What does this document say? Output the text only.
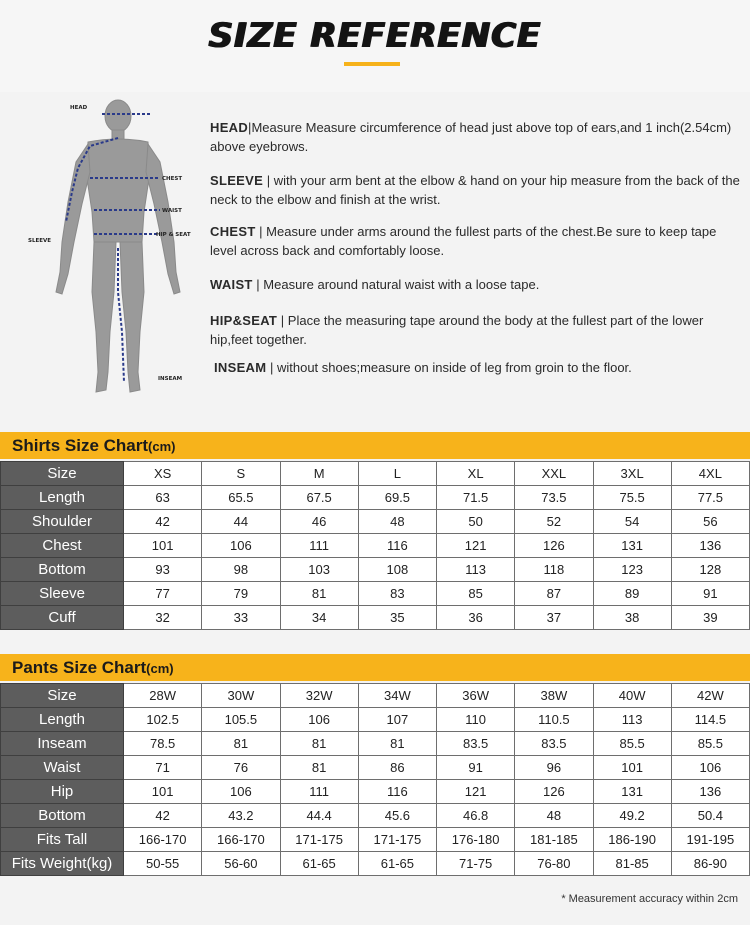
SIZE REFERENCE
HEAD
CHEST
WAIST
HIP & SEAT
SLEEVE
INSEAM
HEAD|Measure Measure circumference of head just above top of ears,and 1 inch(2.54cm) above eyebrows.
SLEEVE | with your arm bent at the elbow & hand on your hip measure from the back of the neck to the elbow and finish at the wrist.
CHEST | Measure under arms around the fullest parts of the chest.Be sure to keep tape level across back and comfortably loose.
WAIST | Measure around natural waist with a loose tape.
HIP&SEAT | Place the measuring tape around the body at the fullest part of the lower hip,feet together.
INSEAM | without shoes;measure on inside of leg from groin to the floor.
Shirts Size Chart(cm)
Size	XS	S	M	L	XL	XXL	3XL	4XL
Length	63	65.5	67.5	69.5	71.5	73.5	75.5	77.5
Shoulder	42	44	46	48	50	52	54	56
Chest	101	106	111	116	121	126	131	136
Bottom	93	98	103	108	113	118	123	128
Sleeve	77	79	81	83	85	87	89	91
Cuff	32	33	34	35	36	37	38	39
Pants Size Chart(cm)
Size	28W	30W	32W	34W	36W	38W	40W	42W
Length	102.5	105.5	106	107	110	110.5	113	114.5
Inseam	78.5	81	81	81	83.5	83.5	85.5	85.5
Waist	71	76	81	86	91	96	101	106
Hip	101	106	111	116	121	126	131	136
Bottom	42	43.2	44.4	45.6	46.8	48	49.2	50.4
Fits Tall	166-170	166-170	171-175	171-175	176-180	181-185	186-190	191-195
Fits Weight(kg)	50-55	56-60	61-65	61-65	71-75	76-80	81-85	86-90
* Measurement accuracy within 2cm
